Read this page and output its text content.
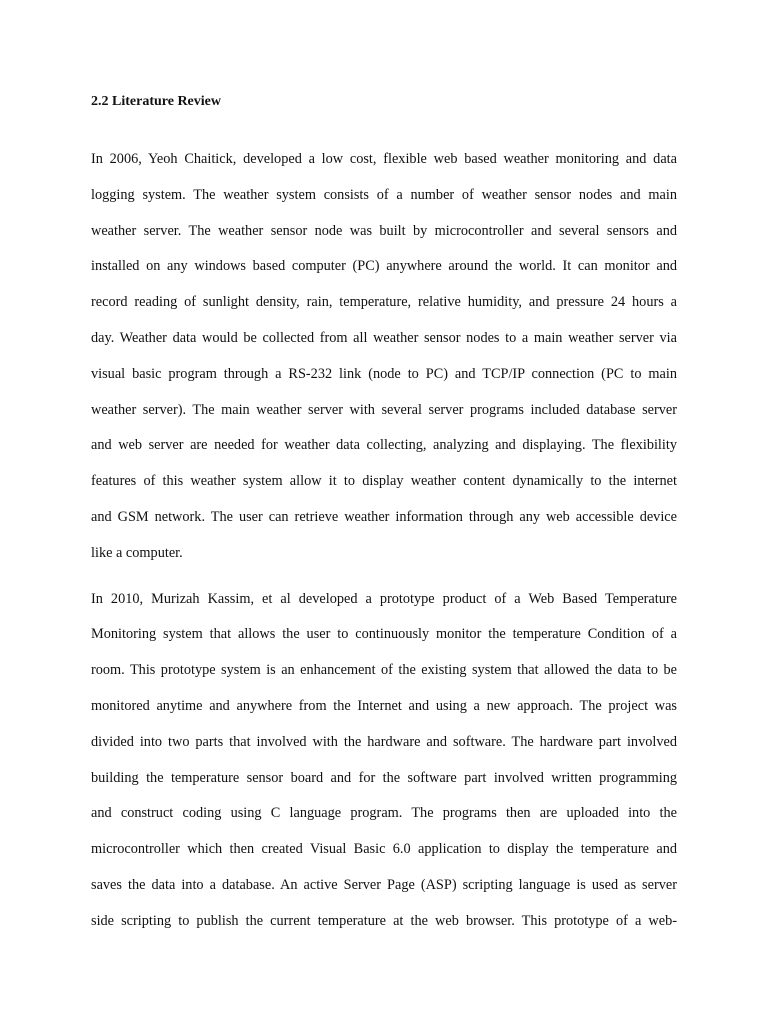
2.2 Literature Review

In 2006, Yeoh Chaitick, developed a low cost, flexible web based weather monitoring and data
logging system. The weather system consists of a number of weather sensor nodes and main
weather server. The weather sensor node was built by microcontroller and several sensors and
installed on any windows based computer (PC) anywhere around the world. It can monitor and
record reading of sunlight density, rain, temperature, relative humidity, and pressure 24 hours a
day. Weather data would be collected from all weather sensor nodes to a main weather server via
visual basic program through a RS-232 link (node to PC) and TCP/IP connection (PC to main
weather server). The main weather server with several server programs included database server
and web server are needed for weather data collecting, analyzing and displaying. The flexibility
features of this weather system allow it to display weather content dynamically to the internet
and GSM network. The user can retrieve weather information through any web accessible device
like a computer.

In 2010, Murizah Kassim, et al developed a prototype product of a Web Based Temperature
Monitoring system that allows the user to continuously monitor the temperature Condition of a
room. This prototype system is an enhancement of the existing system that allowed the data to be
monitored anytime and anywhere from the Internet and using a new approach. The project was
divided into two parts that involved with the hardware and software. The hardware part involved
building the temperature sensor board and for the software part involved written programming
and construct coding using C language program. The programs then are uploaded into the
microcontroller which then created Visual Basic 6.0 application to display the temperature and
saves the data into a database. An active Server Page (ASP) scripting language is used as server
side scripting to publish the current temperature at the web browser. This prototype of a web-
